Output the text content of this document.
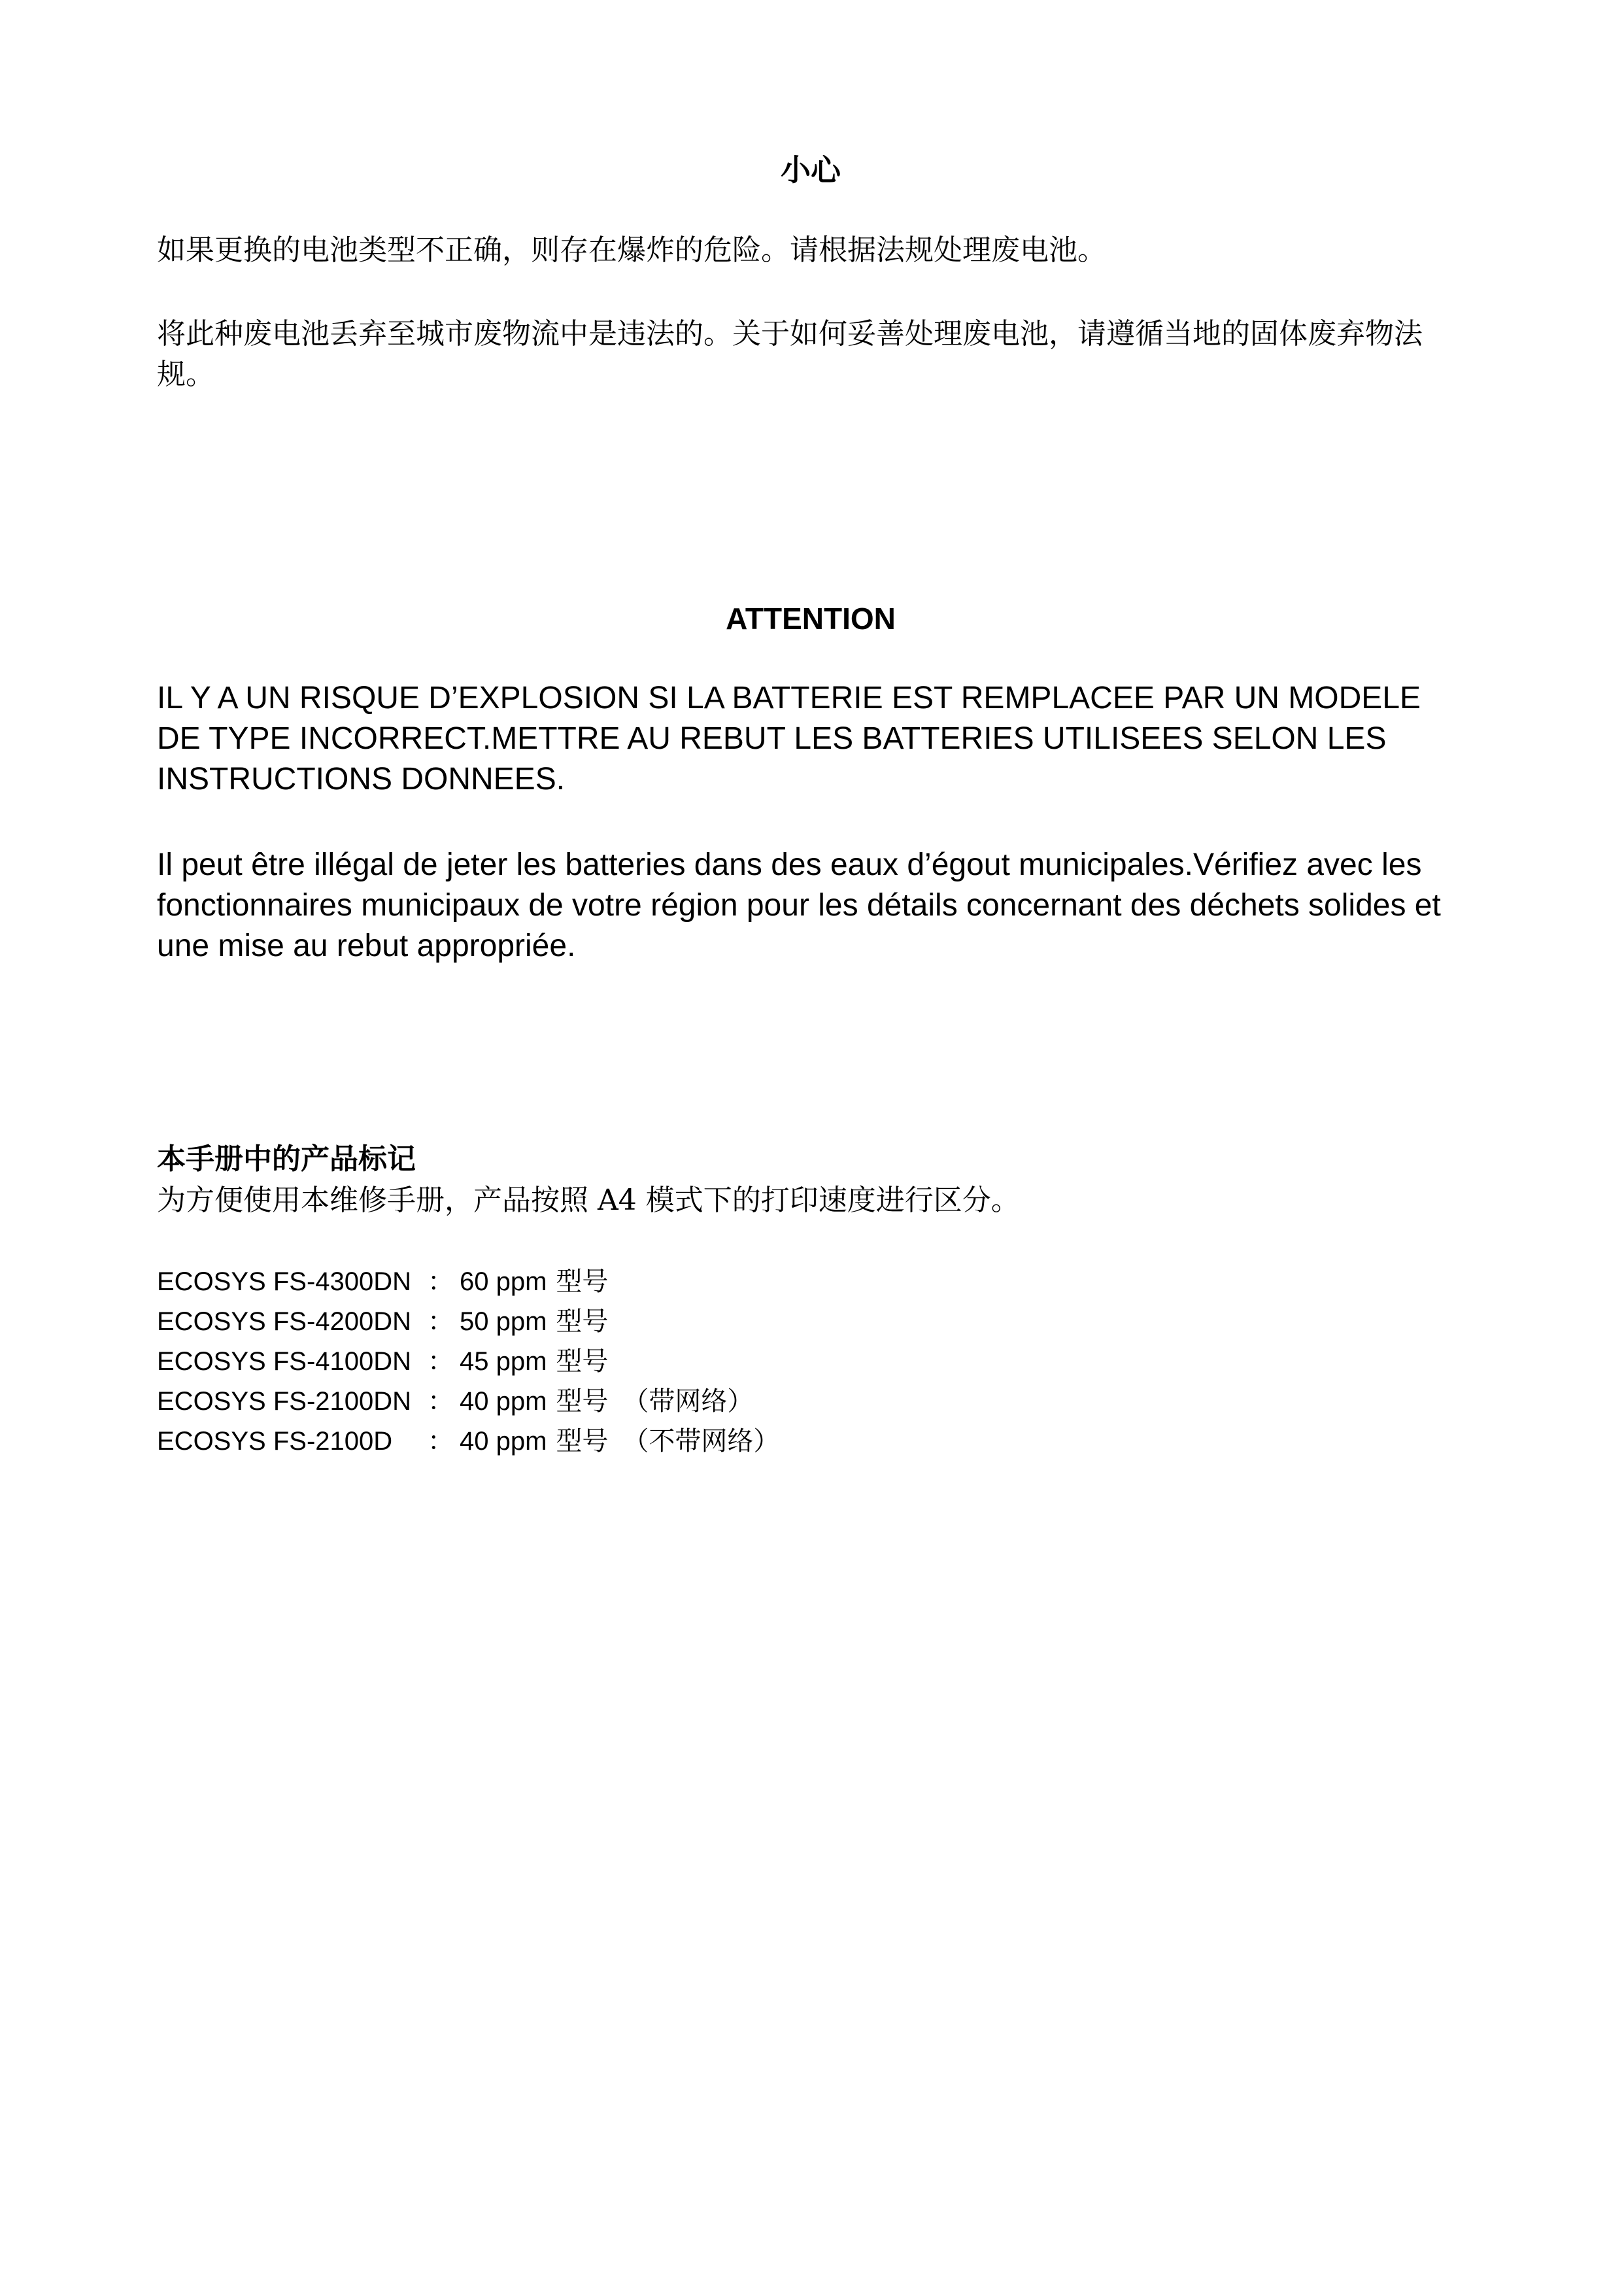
小心

如果更换的电池类型不正确，则存在爆炸的危险。请根据法规处理废电池。

将此种废电池丢弃至城市废物流中是违法的。关于如何妥善处理废电池，请遵循当地的固体废弃物法规。

ATTENTION

IL Y A UN RISQUE D’EXPLOSION SI LA BATTERIE EST REMPLACEE PAR UN MODELE DE TYPE INCORRECT.METTRE AU REBUT LES BATTERIES UTILISEES SELON LES INSTRUCTIONS DONNEES.

Il peut être illégal de jeter les batteries dans des eaux d’égout municipales.Vérifiez avec les fonctionnaires municipaux de votre région pour les détails concernant des déchets solides et une mise au rebut appropriée.

本手册中的产品标记

为方便使用本维修手册，产品按照 A4 模式下的打印速度进行区分。

ECOSYS FS-4300DN ： 60 ppm 型号
ECOSYS FS-4200DN ： 50 ppm 型号
ECOSYS FS-4100DN ： 45 ppm 型号
ECOSYS FS-2100DN ： 40 ppm 型号 （带网络）
ECOSYS FS-2100D	： 40 ppm 型号 （不带网络）
